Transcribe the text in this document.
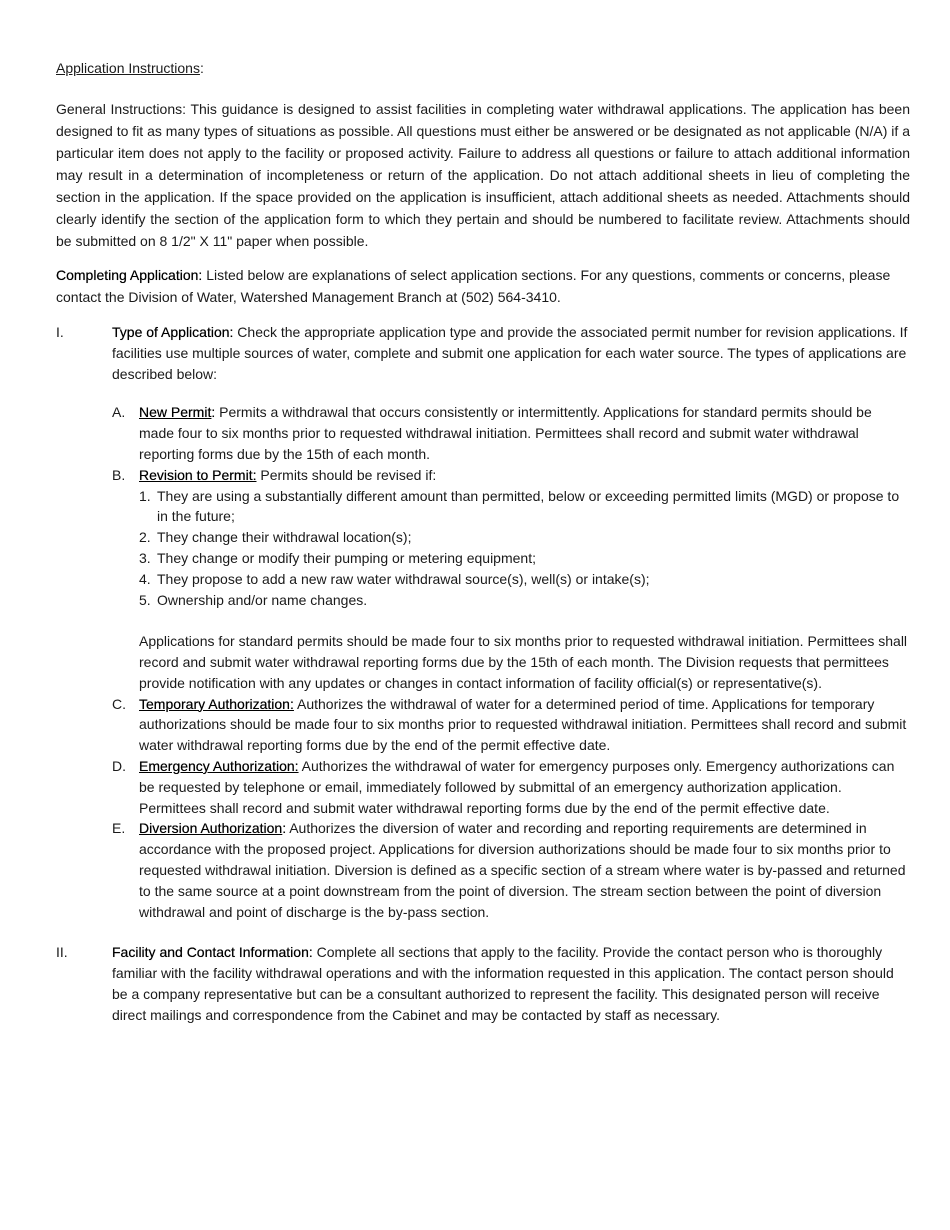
Application Instructions:

General Instructions: This guidance is designed to assist facilities in completing water withdrawal applications. The application has been designed to fit as many types of situations as possible. All questions must either be answered or be designated as not applicable (N/A) if a particular item does not apply to the facility or proposed activity. Failure to address all questions or failure to attach additional information may result in a determination of incompleteness or return of the application. Do not attach additional sheets in lieu of completing the section in the application. If the space provided on the application is insufficient, attach additional sheets as needed. Attachments should clearly identify the section of the application form to which they pertain and should be numbered to facilitate review. Attachments should be submitted on 8 1/2" X 11" paper when possible.

Completing Application: Listed below are explanations of select application sections. For any questions, comments or concerns, please contact the Division of Water, Watershed Management Branch at (502) 564-3410.

I.	Type of Application: Check the appropriate application type and provide the associated permit number for revision applications. If facilities use multiple sources of water, complete and submit one application for each water source. The types of applications are described below:
A. New Permit: Permits a withdrawal that occurs consistently or intermittently. Applications for standard permits should be made four to six months prior to requested withdrawal initiation. Permittees shall record and submit water withdrawal reporting forms due by the 15th of each month.
B. Revision to Permit: Permits should be revised if:
1. They are using a substantially different amount than permitted, below or exceeding permitted limits (MGD) or propose to in the future;
2. They change their withdrawal location(s);
3. They change or modify their pumping or metering equipment;
4. They propose to add a new raw water withdrawal source(s), well(s) or intake(s);
5. Ownership and/or name changes.
Applications for standard permits should be made four to six months prior to requested withdrawal initiation. Permittees shall record and submit water withdrawal reporting forms due by the 15th of each month. The Division requests that permittees provide notification with any updates or changes in contact information of facility official(s) or representative(s).
C. Temporary Authorization: Authorizes the withdrawal of water for a determined period of time. Applications for temporary authorizations should be made four to six months prior to requested withdrawal initiation. Permittees shall record and submit water withdrawal reporting forms due by the end of the permit effective date.
D. Emergency Authorization: Authorizes the withdrawal of water for emergency purposes only. Emergency authorizations can be requested by telephone or email, immediately followed by submittal of an emergency authorization application. Permittees shall record and submit water withdrawal reporting forms due by the end of the permit effective date.
E. Diversion Authorization: Authorizes the diversion of water and recording and reporting requirements are determined in accordance with the proposed project. Applications for diversion authorizations should be made four to six months prior to requested withdrawal initiation. Diversion is defined as a specific section of a stream where water is by-passed and returned to the same source at a point downstream from the point of diversion. The stream section between the point of diversion withdrawal and point of discharge is the by-pass section.
II.	Facility and Contact Information: Complete all sections that apply to the facility. Provide the contact person who is thoroughly familiar with the facility withdrawal operations and with the information requested in this application. The contact person should be a company representative but can be a consultant authorized to represent the facility. This designated person will receive direct mailings and correspondence from the Cabinet and may be contacted by staff as necessary.
